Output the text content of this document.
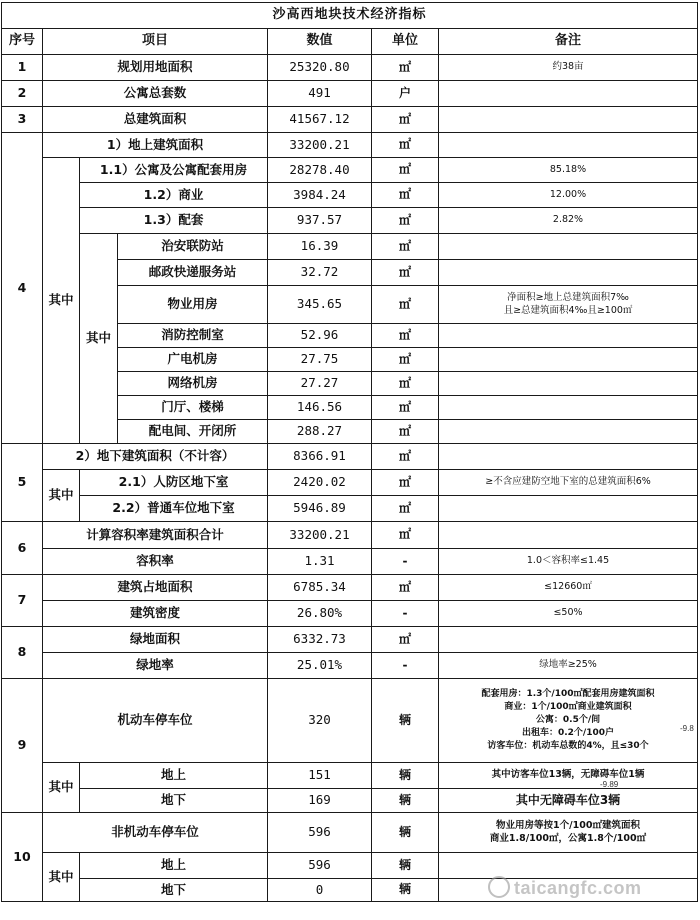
沙高西地块技术经济指标						
序号	项目			数值	单位	备注
1	规划用地面积			25320.80	㎡	约38亩
2	公寓总套数			491	户	
3	总建筑面积			41567.12	㎡	
4	1）地上建筑面积			33200.21	㎡	
	其中	1.1）公寓及公寓配套用房		28278.40	㎡	85.18%
		1.2）商业		3984.24	㎡	12.00%
		1.3）配套		937.57	㎡	2.82%
		其中	治安联防站	16.39	㎡	
			邮政快递服务站	32.72	㎡	
			物业用房	345.65	㎡	净面积≥地上总建筑面积7‰
且≥总建筑面积4‰且≥100㎡

			消防控制室	52.96	㎡	
			广电机房	27.75	㎡	
			网络机房	27.27	㎡	
			门厅、楼梯	146.56	㎡	
			配电间、开闭所	288.27	㎡	
5	2）地下建筑面积（不计容）			8366.91	㎡	
	其中	2.1）人防区地下室		2420.02	㎡	≥不含应建防空地下室的总建筑面积6%
		2.2）普通车位地下室		5946.89	㎡	
6	计算容积率建筑面积合计			33200.21	㎡	
	容积率			1.31	-	1.0＜容积率≤1.45
7	建筑占地面积			6785.34	㎡	≤12660㎡
	建筑密度			26.80%	-	≤50%
8	绿地面积			6332.73	㎡	
	绿地率			25.01%	-	绿地率≥25%
9	机动车停车位			320	辆	配套用房：1.3个/100㎡配套用房建筑面积
商业：1个/100㎡商业建筑面积
公寓：0.5个/间
出租车：0.2个/100户
访客车位：机动车总数的4%，且≤30个

	其中	地上		151	辆	其中访客车位13辆，无障碍车位1辆
		地下		169	辆	其中无障碍车位3辆
10	非机动车停车位			596	辆	物业用房等按1个/100㎡建筑面积
商业1.8/100㎡，公寓1.8个/100㎡

	其中	地上		596	辆	
		地下		0	辆	
-9.8
-9.89
taicangfc.com
